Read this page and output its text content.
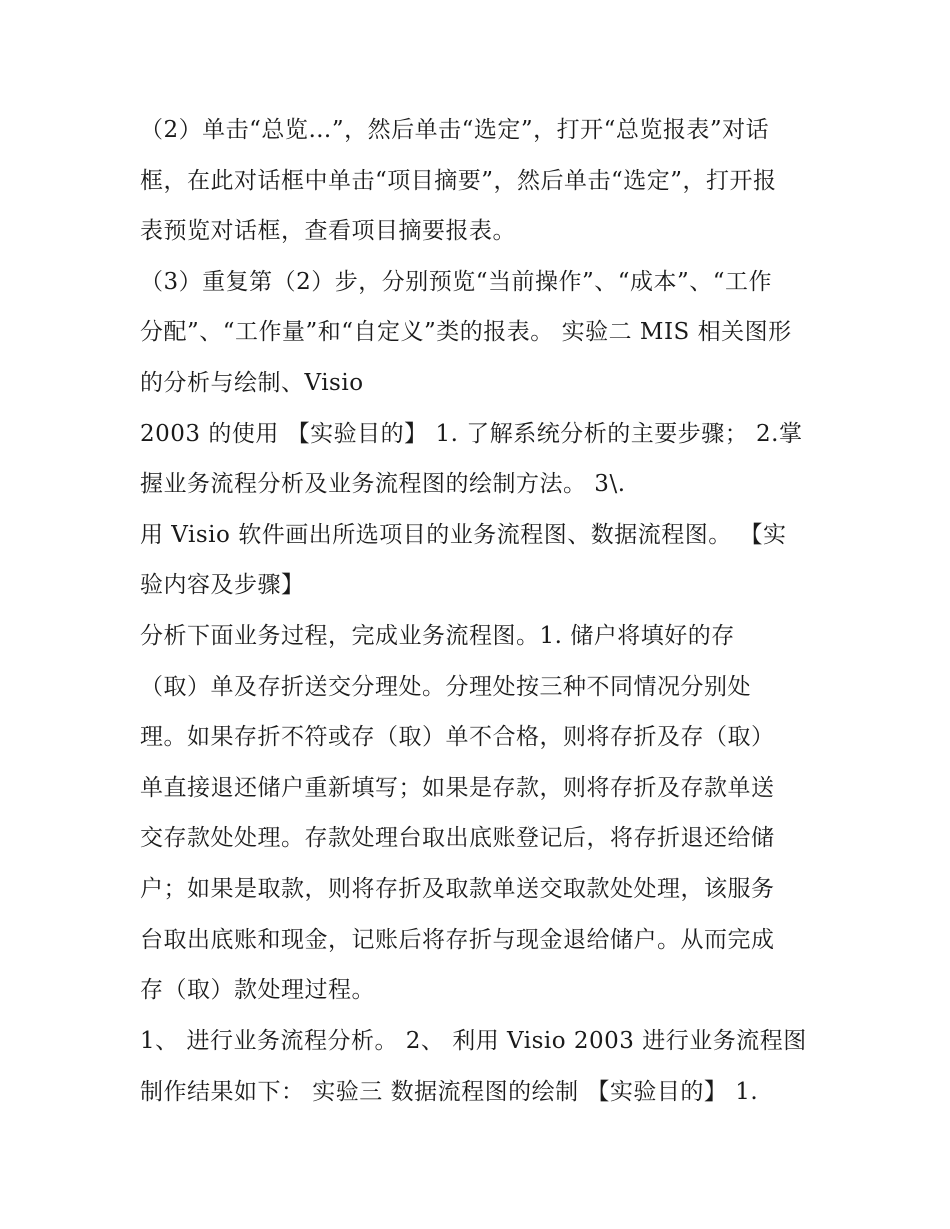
（2）单击“总览…”，然后单击“选定”，打开“总览报表”对话
框，在此对话框中单击“项目摘要”，然后单击“选定”，打开报
表预览对话框，查看项目摘要报表。
（3）重复第（2）步，分别预览“当前操作”、“成本”、“工作
分配”、“工作量”和“自定义”类的报表。 实验二 MIS 相关图形
的分析与绘制、Visio
2003 的使用 【实验目的】 1. 了解系统分析的主要步骤； 2.掌
握业务流程分析及业务流程图的绘制方法。 3\.
用 Visio 软件画出所选项目的业务流程图、数据流程图。 【实
验内容及步骤】
分析下面业务过程，完成业务流程图。1. 储户将填好的存
（取）单及存折送交分理处。分理处按三种不同情况分别处
理。如果存折不符或存（取）单不合格，则将存折及存（取）
单直接退还储户重新填写；如果是存款，则将存折及存款单送
交存款处处理。存款处理台取出底账登记后，将存折退还给储
户；如果是取款，则将存折及取款单送交取款处处理，该服务
台取出底账和现金，记账后将存折与现金退给储户。从而完成
存（取）款处理过程。
1、 进行业务流程分析。 2、 利用 Visio 2003 进行业务流程图
制作结果如下： 实验三 数据流程图的绘制 【实验目的】 1.
